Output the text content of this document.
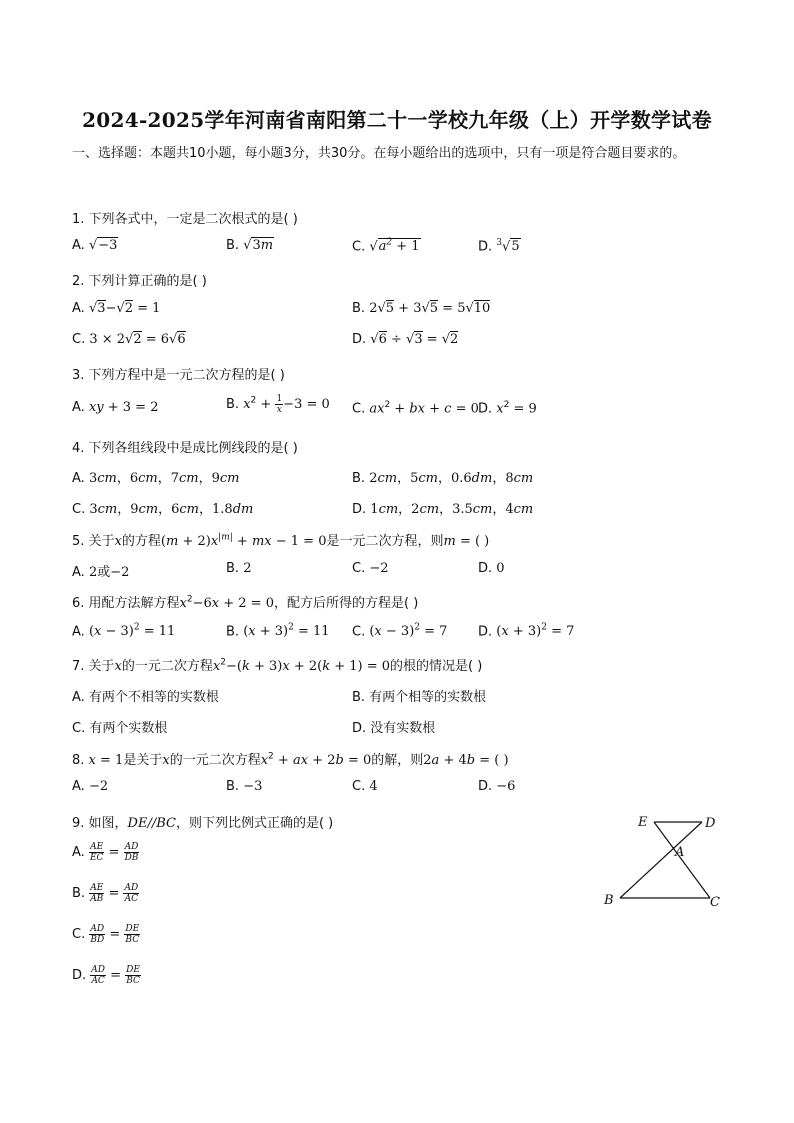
2024-2025学年河南省南阳第二十一学校九年级（上）开学数学试卷
一、选择题：本题共10小题，每小题3分，共30分。在每小题给出的选项中，只有一项是符合题目要求的。
1. 下列各式中，一定是二次根式的是( )
A. √−3	B. √3m	C. $√a^2 + 1$	D. $^3$√5
2. 下列计算正确的是( )
A. √3−√2 = 1	B. 2√5 + 3√5 = 5√10
C. 3 × 2√2 = 6√6	D. √6 ÷ √3 = √2
3. 下列方程中是一元二次方程的是( )
A. xy + 3 = 2	B. $x^2 + \frac{1}{x} -3 = 0$ C. $ax^2$ + bx + c = 0 D. $x^2 = 9$
4. 下列各组线段中是成比例线段的是( )
A. 3cm，6cm，7cm，9cm	B. 2cm，5cm，0.6dm，8cm
C. 3cm，9cm，6cm，1.8dm	D. 1cm，2cm，3.5cm，4cm
5. 关于x的方程$(m + 2)x^{|m|}$ + mx − 1 = 0是一元二次方程，则m = ( )
A. 2或−2	B. 2	C. −2	D. 0
6. 用配方法解方程$x^2-6x + 2 = 0$，配方后所得的方程是( )
A. $(x - 3)^2 = 11$	B. $(x + 3)^2 = 11$ C. $(x - 3)^2 = 7$ D. $(x + 3)^2 = 7$
7. 关于x的一元二次方程$x^2-(k + 3)x + 2(k + 1) = 0$的根的情况是( )
A. 有两个不相等的实数根	B. 有两个相等的实数根
C. 有两个实数根	D. 没有实数根
8. x = 1是关于x的一元二次方程$x^2$ + ax + 2b = 0的解，则2a + 4b = ( )
A. −2	B. −3	C. 4	D. −6
9. 如图，DE//BC，则下列比例式正确的是( )
A. $\frac{AE}{EC} = \frac{AD}{DB}$
B. $\frac{AE}{AB} = \frac{AD}{AC}$
C. $\frac{AD}{BD} = \frac{DE}{BC}$
D. $\frac{AD}{AC} = \frac{DE}{BC}$
E	D
A
B	C
